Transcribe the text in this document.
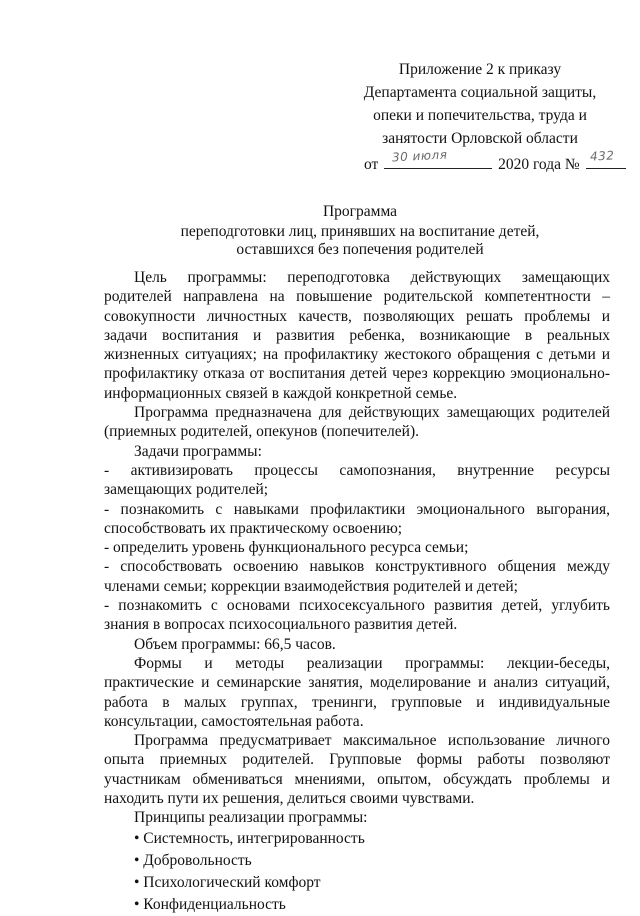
Приложение 2 к приказу
Департамента социальной защиты,
опеки и попечительства, труда и
занятости Орловской области
от 30 июля	2020 года № 432
Программа
переподготовки лиц, принявших на воспитание детей,
оставшихся без попечения родителей

Цель программы: переподготовка действующих замещающих родителей направлена на повышение родительской компетентности – совокупности личностных качеств, позволяющих решать проблемы и задачи воспитания и развития ребенка, возникающие в реальных жизненных ситуациях; на профилактику жестокого обращения с детьми и профилактику отказа от воспитания детей через коррекцию эмоционально-информационных связей в каждой конкретной семье.

Программа предназначена для действующих замещающих родителей (приемных родителей, опекунов (попечителей).

Задачи программы:

- активизировать процессы самопознания, внутренние ресурсы замещающих родителей;

- познакомить с навыками профилактики эмоционального выгорания, способствовать их практическому освоению;

- определить уровень функционального ресурса семьи;

- способствовать освоению навыков конструктивного общения между членами семьи; коррекции взаимодействия родителей и детей;

- познакомить с основами психосексуального развития детей, углубить знания в вопросах психосоциального развития детей.

Объем программы: 66,5 часов.

Формы и методы реализации программы: лекции-беседы, практические и семинарские занятия, моделирование и анализ ситуаций, работа в малых группах, тренинги, групповые и индивидуальные консультации, самостоятельная работа.

Программа предусматривает максимальное использование личного опыта приемных родителей. Групповые формы работы позволяют участникам обмениваться мнениями, опытом, обсуждать проблемы и находить пути их решения, делиться своими чувствами.

Принципы реализации программы:

• Системность, интегрированность

• Добровольность

• Психологический комфорт

• Конфиденциальность
